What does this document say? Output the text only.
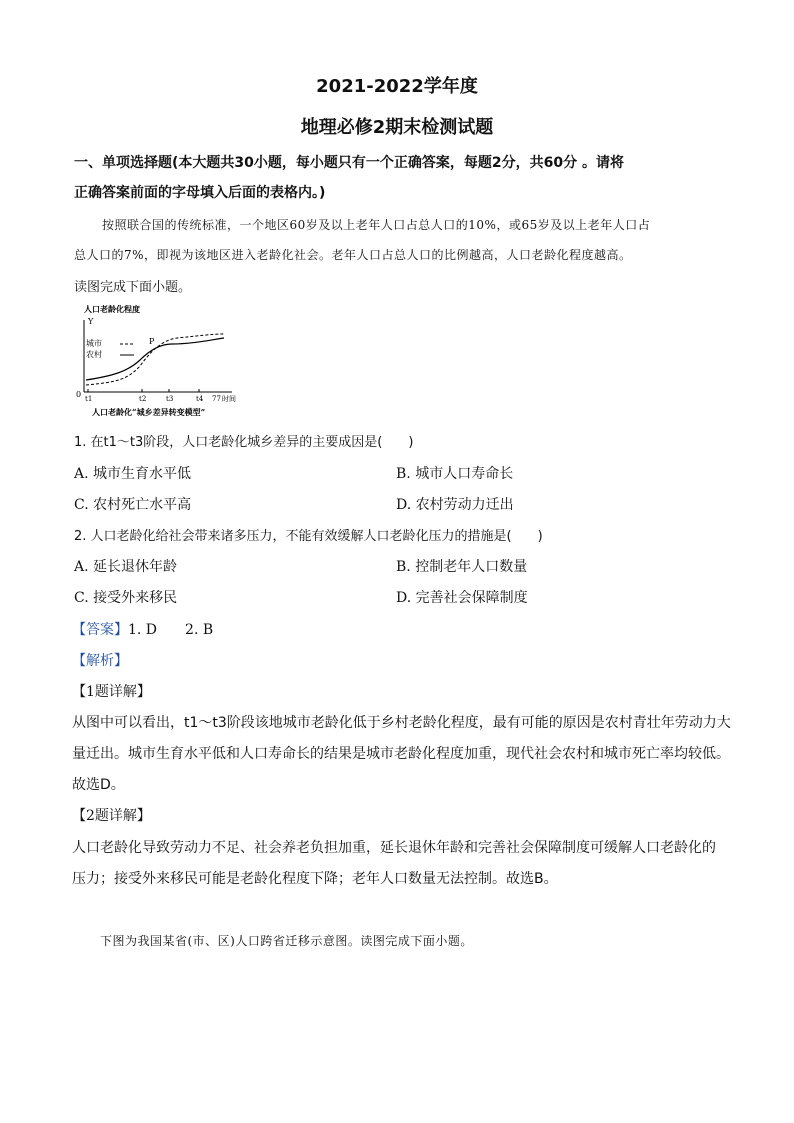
2021-2022学年度
地理必修2期末检测试题
一、单项选择题(本大题共30小题，每小题只有一个正确答案，每题2分，共60分 。请将
正确答案前面的字母填入后面的表格内。)
按照联合国的传统标准，一个地区60岁及以上老年人口占总人口的10%，或65岁及以上老年人口占
总人口的7%，即视为该地区进入老龄化社会。老年人口占总人口的比例越高，人口老龄化程度越高。
读图完成下面小题。
人口老龄化程度
Y
0
城市
农村
P
t1	t2	t3	t4 77 时间
人口老龄化“城乡差异转变模型”
1. 在t1～t3阶段，人口老龄化城乡差异的主要成因是(　　)
A. 城市生育水平低	B. 城市人口寿命长
C. 农村死亡水平高	D. 农村劳动力迁出
2. 人口老龄化给社会带来诸多压力，不能有效缓解人口老龄化压力的措施是(　　)
A. 延长退休年龄	B. 控制老年人口数量
C. 接受外来移民	D. 完善社会保障制度
【答案】1. D　　2. B
【解析】
【1题详解】
从图中可以看出，t1～t3阶段该地城市老龄化低于乡村老龄化程度，最有可能的原因是农村青壮年劳动力大
量迁出。城市生育水平低和人口寿命长的结果是城市老龄化程度加重，现代社会农村和城市死亡率均较低。
故选D。
【2题详解】
人口老龄化导致劳动力不足、社会养老负担加重，延长退休年龄和完善社会保障制度可缓解人口老龄化的
压力；接受外来移民可能是老龄化程度下降；老年人口数量无法控制。故选B。
下图为我国某省(市、区)人口跨省迁移示意图。读图完成下面小题。
